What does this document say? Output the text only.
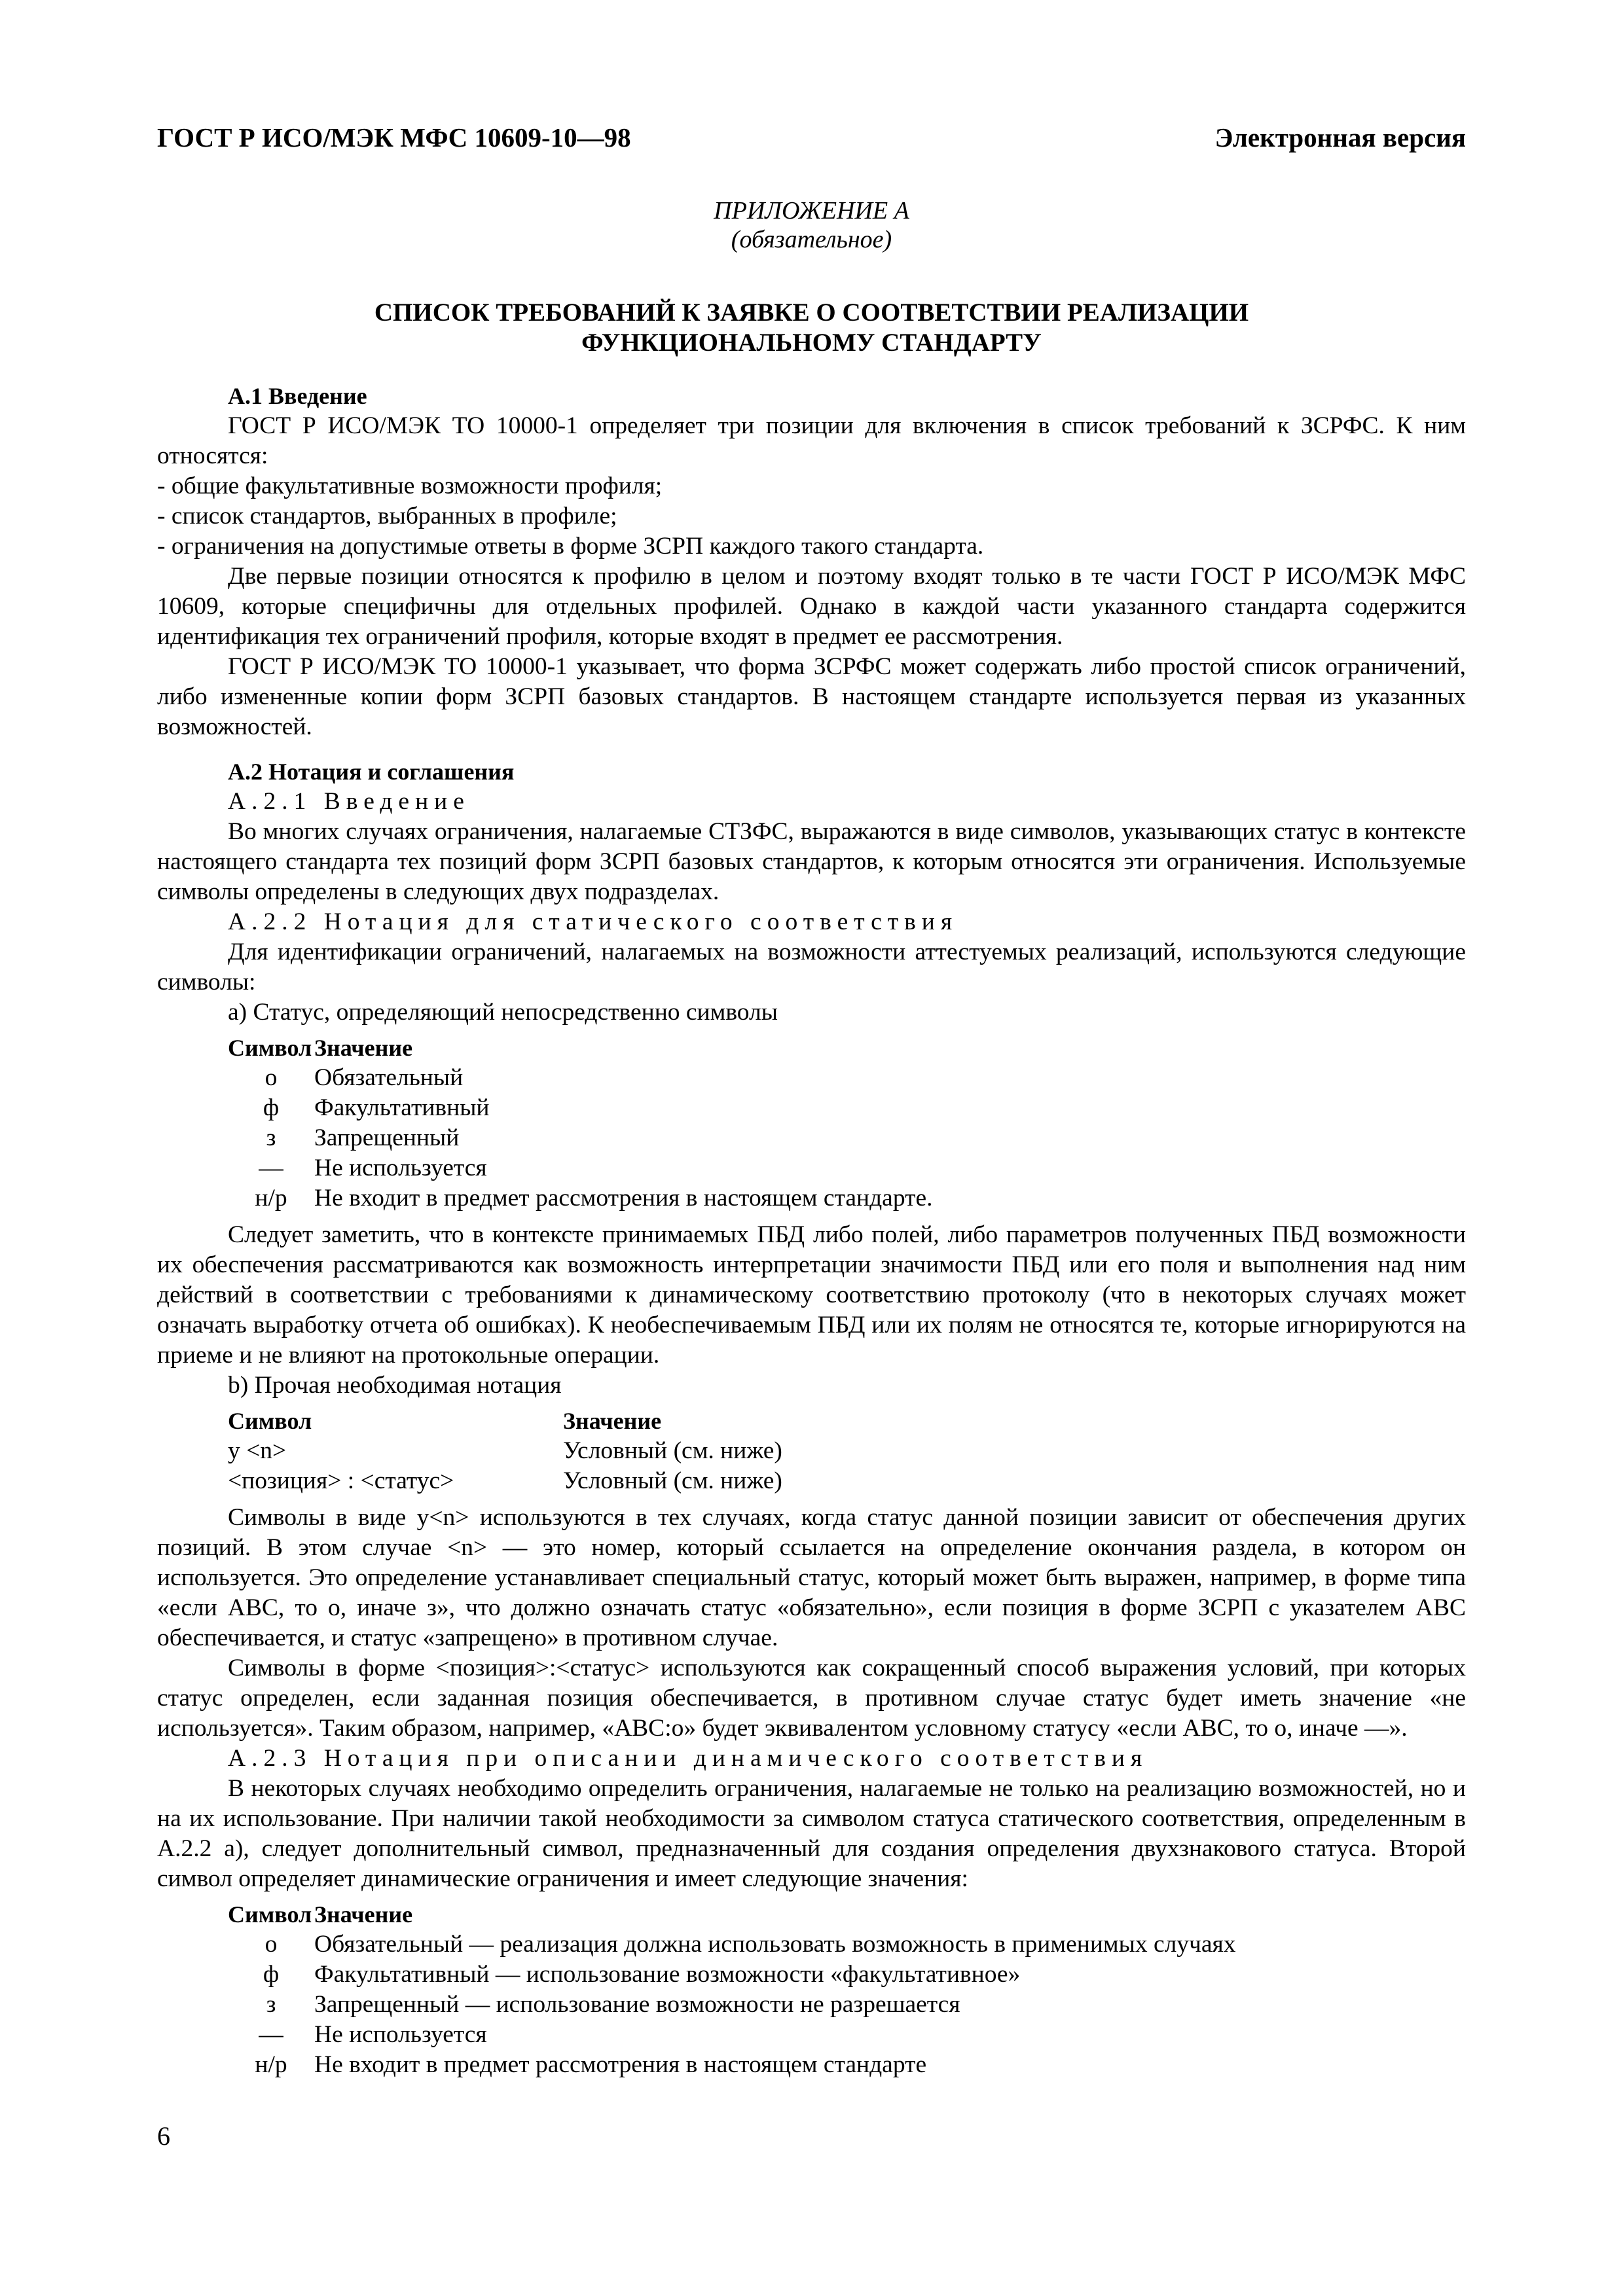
ГОСТ Р ИСО/МЭК МФС 10609-10—98	Электронная версия
ПРИЛОЖЕНИЕ А
(обязательное)
СПИСОК ТРЕБОВАНИЙ К ЗАЯВКЕ О СООТВЕТСТВИИ РЕАЛИЗАЦИИ
ФУНКЦИОНАЛЬНОМУ СТАНДАРТУ

А.1 Введение

ГОСТ Р ИСО/МЭК ТО 10000-1 определяет три позиции для включения в список требований к ЗСРФС. К ним относятся:

- общие факультативные возможности профиля;

- список стандартов, выбранных в профиле;

- ограничения на допустимые ответы в форме ЗСРП каждого такого стандарта.

Две первые позиции относятся к профилю в целом и поэтому входят только в те части ГОСТ Р ИСО/МЭК МФС 10609, которые специфичны для отдельных профилей. Однако в каждой части указанного стандарта содержится идентификация тех ограничений профиля, которые входят в предмет ее рассмотрения.

ГОСТ Р ИСО/МЭК ТО 10000-1 указывает, что форма ЗСРФС может содержать либо простой список ограничений, либо измененные копии форм ЗСРП базовых стандартов. В настоящем стандарте используется первая из указанных возможностей.

А.2 Нотация и соглашения

А.2.1 Введение

Во многих случаях ограничения, налагаемые СТЗФС, выражаются в виде символов, указывающих статус в контексте настоящего стандарта тех позиций форм ЗСРП базовых стандартов, к которым относятся эти ограничения. Используемые символы определены в следующих двух подразделах.

А.2.2 Нотация для статического соответствия

Для идентификации ограничений, налагаемых на возможности аттестуемых реализаций, используются следующие символы:

a) Статус, определяющий непосредственно символы

Символ Значение
о	Обязательный
ф	Факультативный
з	Запрещенный
—	Не используется
н/р	Не входит в предмет рассмотрения в настоящем стандарте.

Следует заметить, что в контексте принимаемых ПБД либо полей, либо параметров полученных ПБД возможности их обеспечения рассматриваются как возможность интерпретации значимости ПБД или его поля и выполнения над ним действий в соответствии с требованиями к динамическому соответствию протоколу (что в некоторых случаях может означать выработку отчета об ошибках). К необеспечиваемым ПБД или их полям не относятся те, которые игнорируются на приеме и не влияют на протокольные операции.

b) Прочая необходимая нотация

Символ	Значение
у <n>	Условный (см. ниже)
<позиция> : <статус>	Условный (см. ниже)

Символы в виде у<n> используются в тех случаях, когда статус данной позиции зависит от обеспечения других позиций. В этом случае <n> — это номер, который ссылается на определение окончания раздела, в котором он используется. Это определение устанавливает специальный статус, который может быть выражен, например, в форме типа «если АВС, то о, иначе з», что должно означать статус «обязательно», если позиция в форме ЗСРП с указателем АВС обеспечивается, и статус «запрещено» в противном случае.

Символы в форме <позиция>:<статус> используются как сокращенный способ выражения условий, при которых статус определен, если заданная позиция обеспечивается, в противном случае статус будет иметь значение «не используется». Таким образом, например, «АВС:о» будет эквивалентом условному статусу «если АВС, то о, иначе —».

А.2.3 Нотация при описании динамического соответствия

В некоторых случаях необходимо определить ограничения, налагаемые не только на реализацию возможностей, но и на их использование. При наличии такой необходимости за символом статуса статического соответствия, определенным в А.2.2 а), следует дополнительный символ, предназначенный для создания определения двухзнакового статуса. Второй символ определяет динамические ограничения и имеет следующие значения:

Символ Значение
о	Обязательный — реализация должна использовать возможность в применимых случаях
ф	Факультативный — использование возможности «факультативное»
з	Запрещенный — использование возможности не разрешается
—	Не используется
н/р	Не входит в предмет рассмотрения в настоящем стандарте
6
